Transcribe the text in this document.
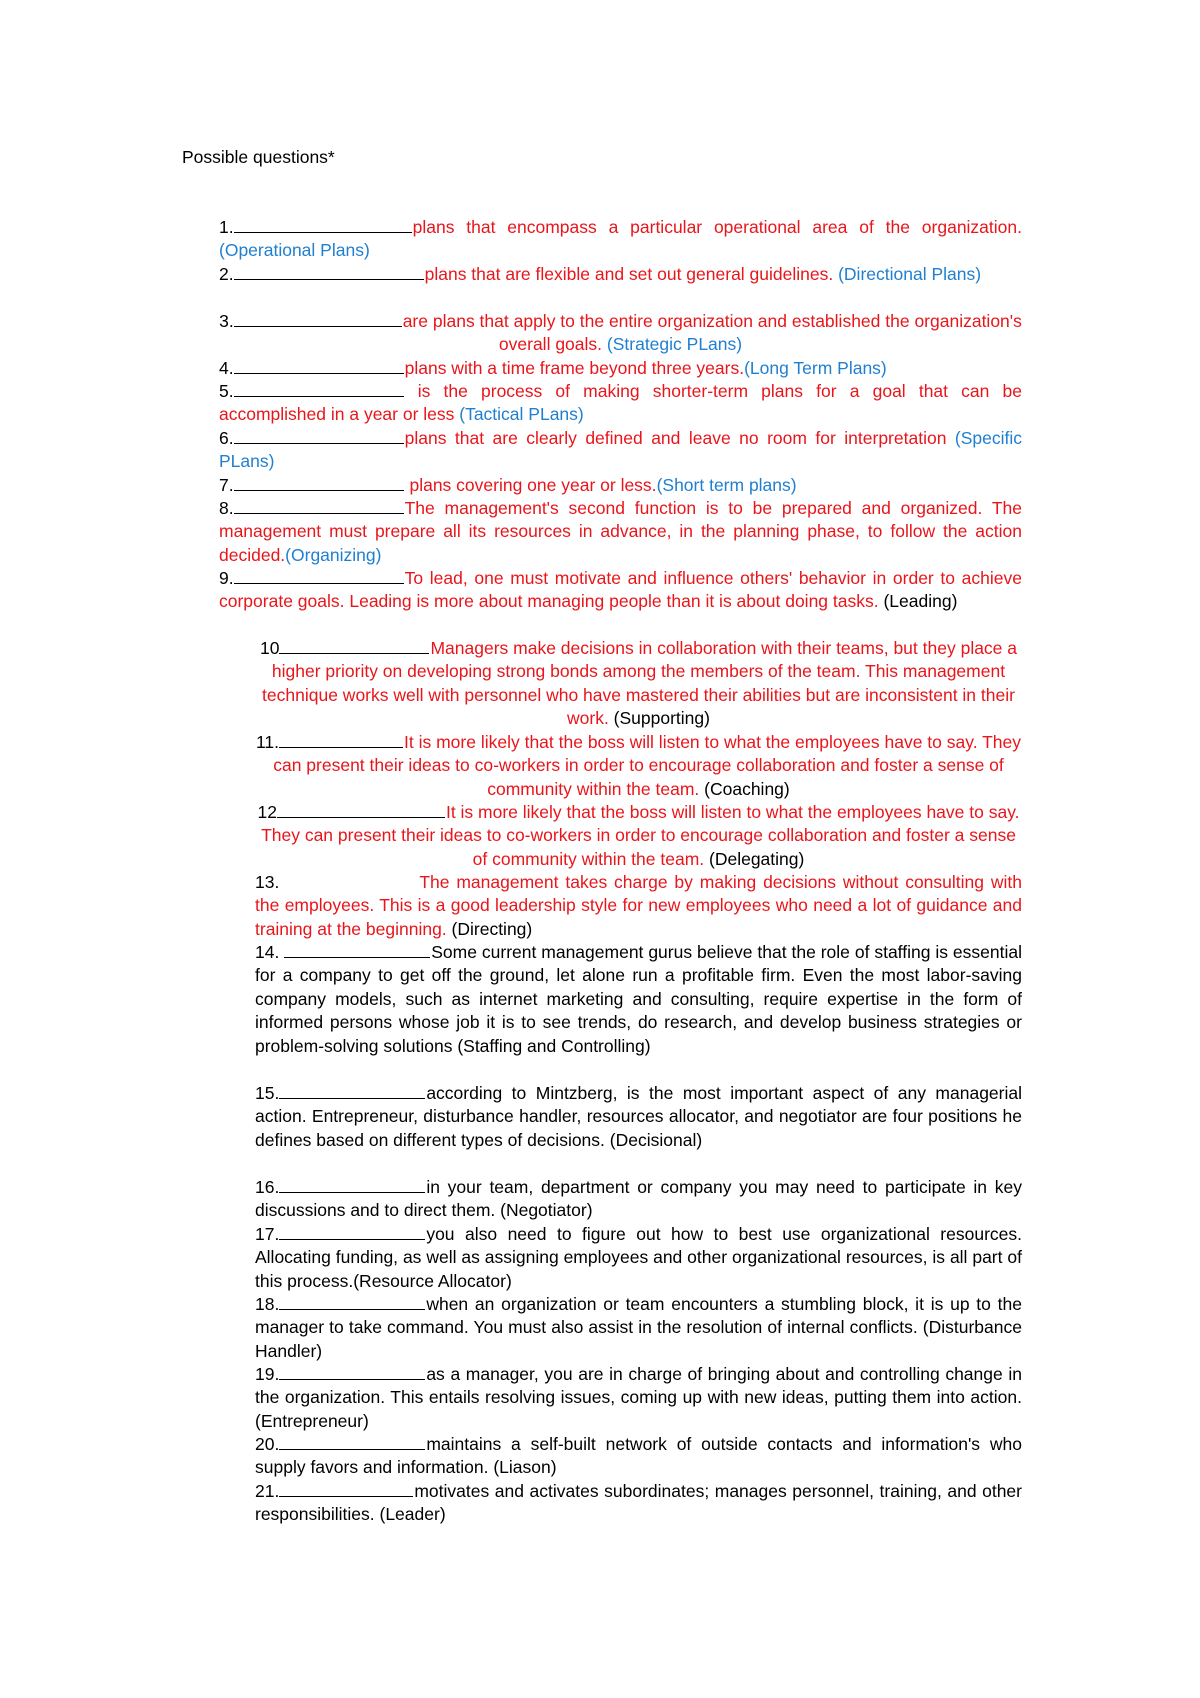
Possible questions*
1.	plans that encompass a particular operational area of the organization.(Operational Plans)
2.	plans that are flexible and set out general guidelines. (Directional Plans)
3.	are plans that apply to the entire organization and established the organization's overall goals. (Strategic PLans)
4.	plans with a time frame beyond three years.(Long Term Plans)
5.	is the process of making shorter-term plans for a goal that can be accomplished in a year or less (Tactical PLans)
6.	plans that are clearly defined and leave no room for interpretation (Specific PLans)
7.	plans covering one year or less.(Short term plans)
8.	The management's second function is to be prepared and organized. The management must prepare all its resources in advance, in the planning phase, to follow the action decided.(Organizing)
9.	To lead, one must motivate and influence others' behavior in order to achieve corporate goals. Leading is more about managing people than it is about doing tasks. (Leading)
10	Managers make decisions in collaboration with their teams, but they place a higher priority on developing strong bonds among the members of the team. This management technique works well with personnel who have mastered their abilities but are inconsistent in their work. (Supporting)
11.	It is more likely that the boss will listen to what the employees have to say. They can present their ideas to co-workers in order to encourage collaboration and foster a sense of community within the team. (Coaching)
12	It is more likely that the boss will listen to what the employees have to say. They can present their ideas to co-workers in order to encourage collaboration and foster a sense of community within the team. (Delegating)
13.	The management takes charge by making decisions without consulting with the employees. This is a good leadership style for new employees who need a lot of guidance and training at the beginning. (Directing)
14.	Some current management gurus believe that the role of staffing is essential for a company to get off the ground, let alone run a profitable firm. Even the most labor-saving company models, such as internet marketing and consulting, require expertise in the form of informed persons whose job it is to see trends, do research, and develop business strategies or problem-solving solutions (Staffing and Controlling)
15.	according to Mintzberg, is the most important aspect of any managerial action. Entrepreneur, disturbance handler, resources allocator, and negotiator are four positions he defines based on different types of decisions. (Decisional)
16.	in your team, department or company you may need to participate in key discussions and to direct them. (Negotiator)
17.	you also need to figure out how to best use organizational resources. Allocating funding, as well as assigning employees and other organizational resources, is all part of this process.(Resource Allocator)
18.	when an organization or team encounters a stumbling block, it is up to the manager to take command. You must also assist in the resolution of internal conflicts. (Disturbance Handler)
19.	as a manager, you are in charge of bringing about and controlling change in the organization. This entails resolving issues, coming up with new ideas, putting them into action. (Entrepreneur)
20.	maintains a self-built network of outside contacts and information's who supply favors and information. (Liason)
21.	motivates and activates subordinates; manages personnel, training, and other responsibilities. (Leader)
